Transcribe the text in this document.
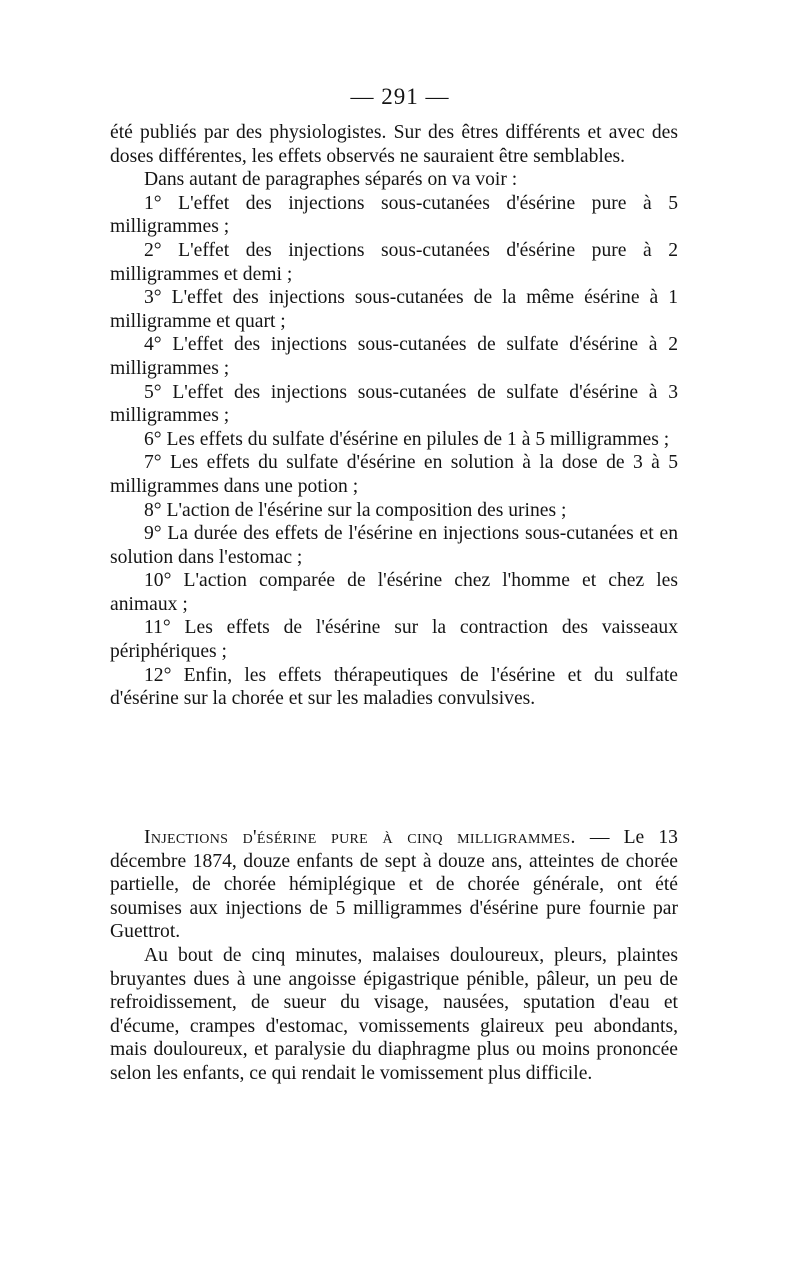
— 291 —

été publiés par des physiologistes. Sur des êtres différents et avec des doses différentes, les effets observés ne sauraient être semblables.

Dans autant de paragraphes séparés on va voir :

1° L'effet des injections sous-cutanées d'ésérine pure à 5 milligrammes ;

2° L'effet des injections sous-cutanées d'ésérine pure à 2 milligrammes et demi ;

3° L'effet des injections sous-cutanées de la même ésérine à 1 milligramme et quart ;

4° L'effet des injections sous-cutanées de sulfate d'ésérine à 2 milligrammes ;

5° L'effet des injections sous-cutanées de sulfate d'ésérine à 3 milligrammes ;

6° Les effets du sulfate d'ésérine en pilules de 1 à 5 milligrammes ;

7° Les effets du sulfate d'ésérine en solution à la dose de 3 à 5 milligrammes dans une potion ;

8° L'action de l'ésérine sur la composition des urines ;

9° La durée des effets de l'ésérine en injections sous-cutanées et en solution dans l'estomac ;

10° L'action comparée de l'ésérine chez l'homme et chez les animaux ;

11° Les effets de l'ésérine sur la contraction des vaisseaux périphériques ;

12° Enfin, les effets thérapeutiques de l'ésérine et du sulfate d'ésérine sur la chorée et sur les maladies convulsives.

Injections d'ésérine pure à cinq milligrammes. — Le 13 décembre 1874, douze enfants de sept à douze ans, atteintes de chorée partielle, de chorée hémiplégique et de chorée générale, ont été soumises aux injections de 5 milligrammes d'ésérine pure fournie par Guettrot.

Au bout de cinq minutes, malaises douloureux, pleurs, plaintes bruyantes dues à une angoisse épigastrique pénible, pâleur, un peu de refroidissement, de sueur du visage, nausées, sputation d'eau et d'écume, crampes d'estomac, vomissements glaireux peu abondants, mais douloureux, et paralysie du diaphragme plus ou moins prononcée selon les enfants, ce qui rendait le vomissement plus difficile.
